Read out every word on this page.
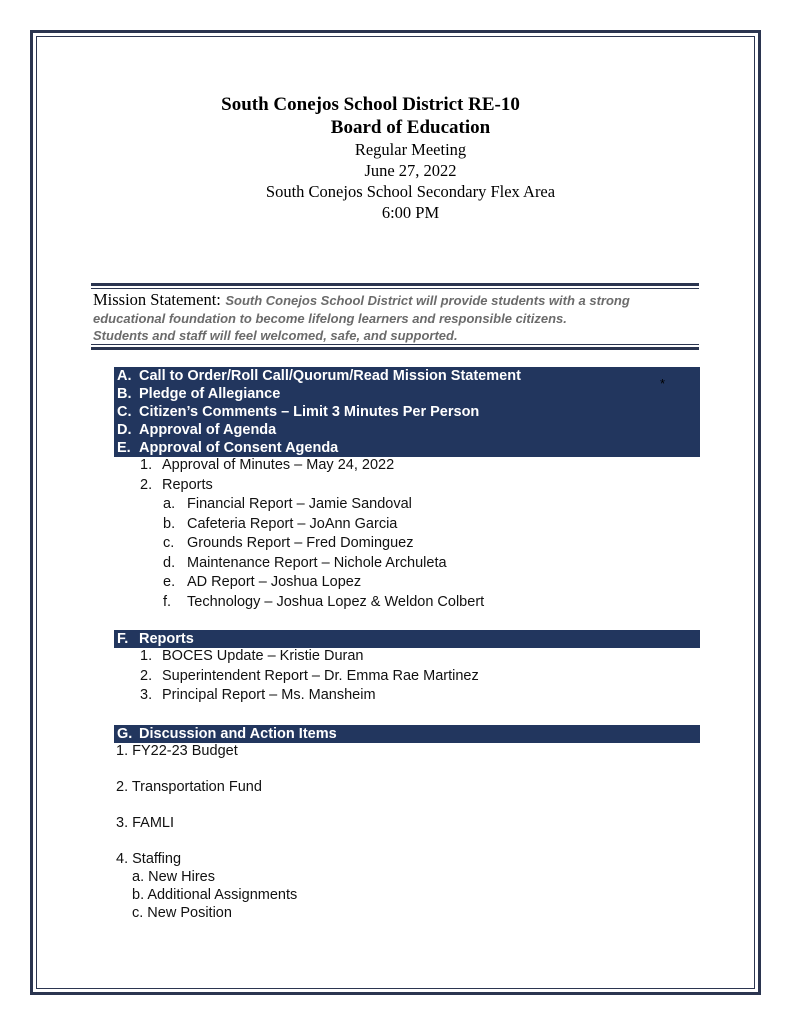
South Conejos School District RE-10
Board of Education
Regular Meeting
June 27, 2022
South Conejos School Secondary Flex Area
6:00 PM
Mission Statement: South Conejos School District will provide students with a strong
educational foundation to become lifelong learners and responsible citizens.
Students and staff will feel welcomed, safe, and supported.
A. Call to Order/Roll Call/Quorum/Read Mission Statement
B. Pledge of Allegiance
C. Citizen’s Comments – Limit 3 Minutes Per Person
D. Approval of Agenda
E. Approval of Consent Agenda
*
1. Approval of Minutes – May 24, 2022
2. Reports
a. Financial Report – Jamie Sandoval
b. Cafeteria Report – JoAnn Garcia
c. Grounds Report – Fred Dominguez
d. Maintenance Report – Nichole Archuleta
e. AD Report – Joshua Lopez
f. Technology – Joshua Lopez & Weldon Colbert
F. Reports
1. BOCES Update – Kristie Duran
2. Superintendent Report – Dr. Emma Rae Martinez
3. Principal Report – Ms. Mansheim
G. Discussion and Action Items
1. FY22-23 Budget
2. Transportation Fund
3. FAMLI
4. Staffing
a. New Hires
b. Additional Assignments
c. New Position
